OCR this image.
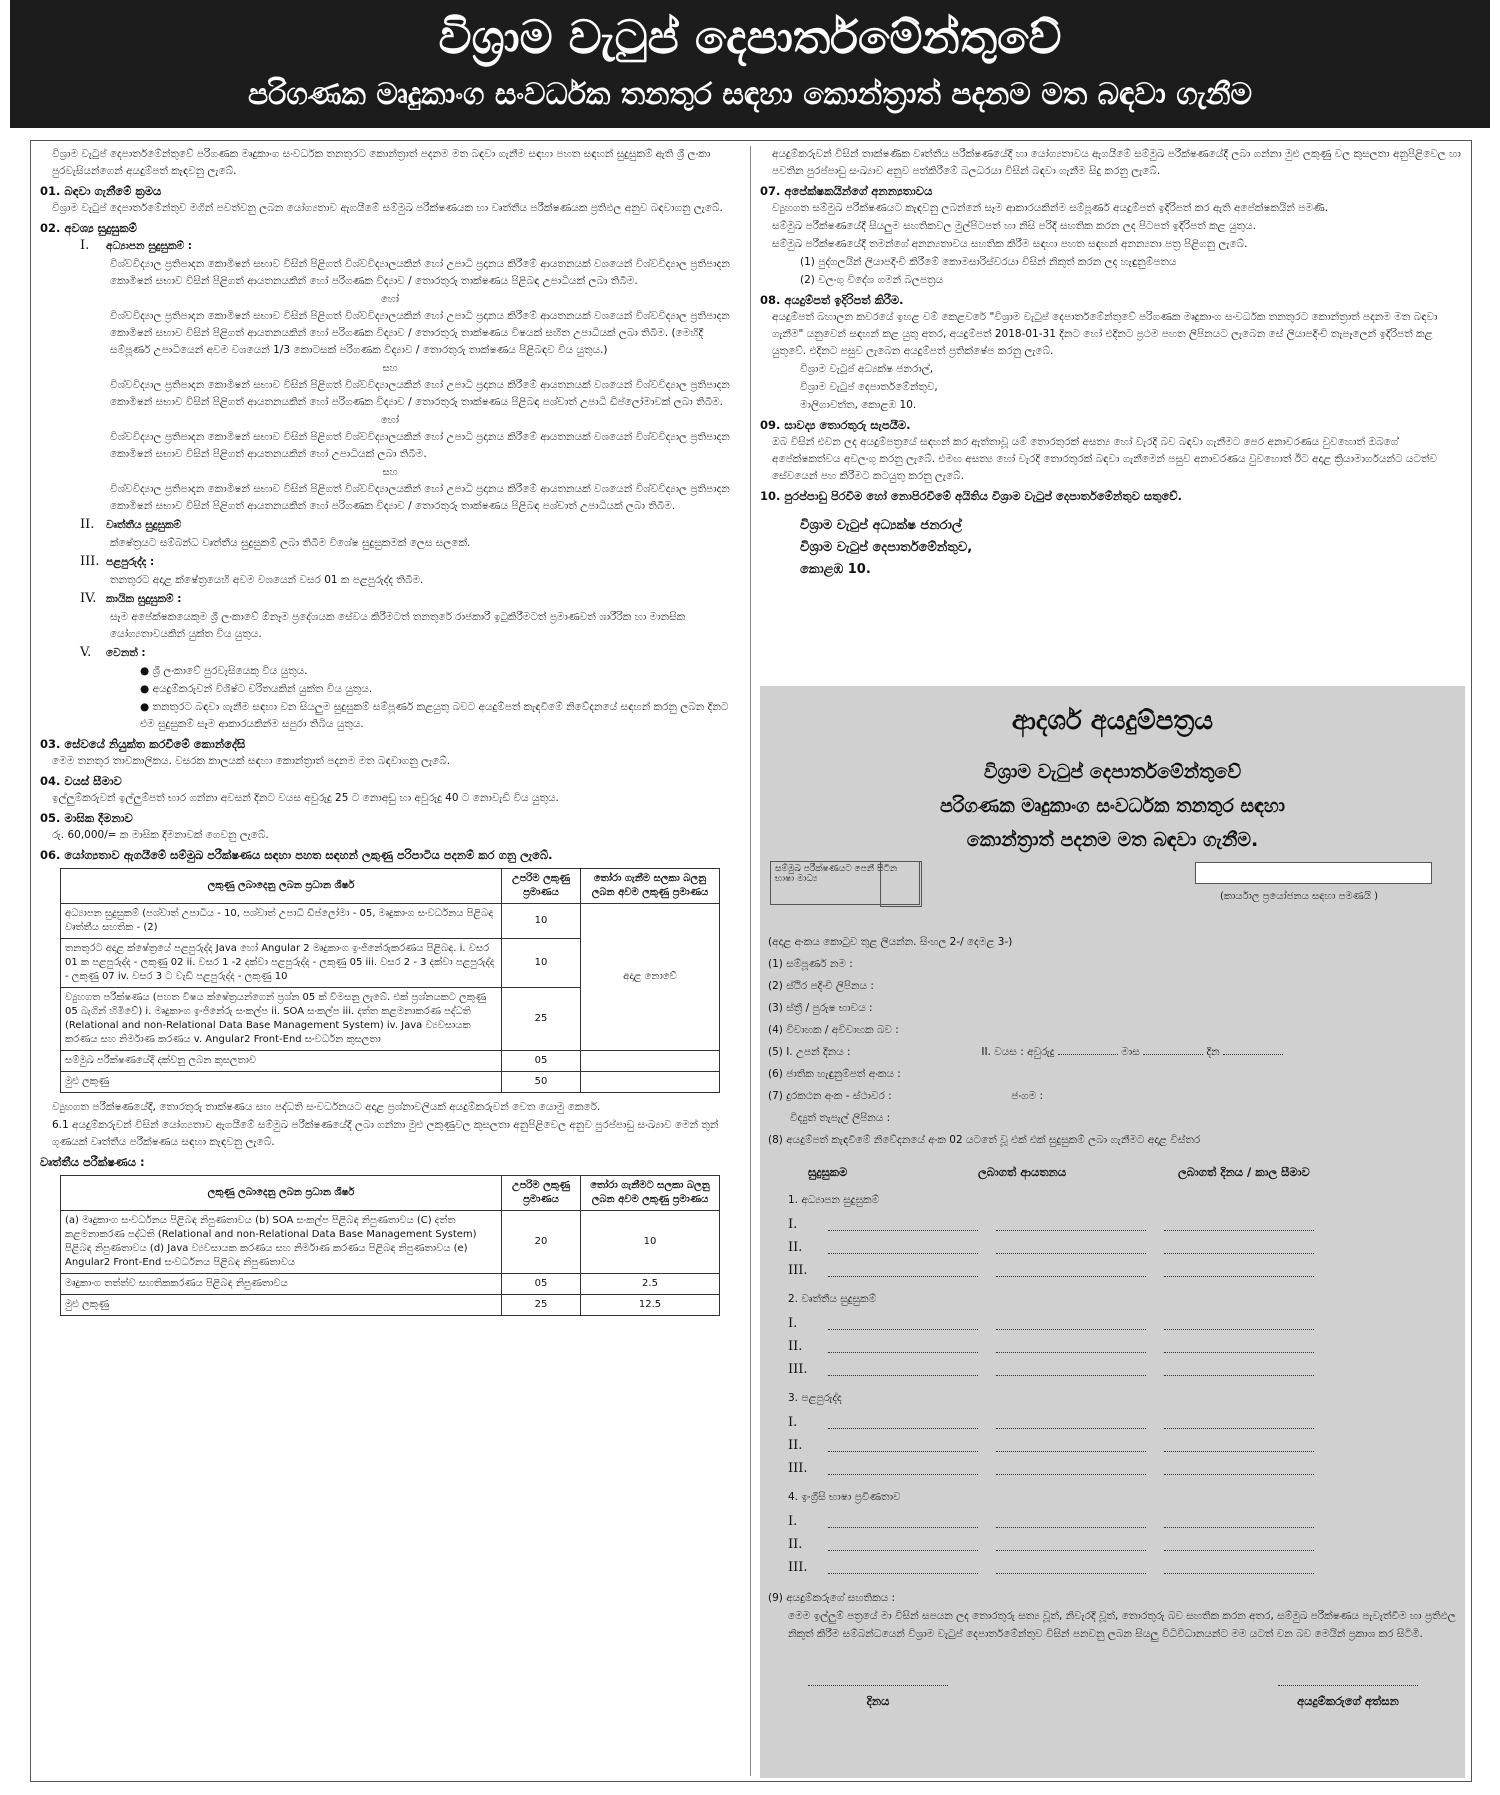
විශ්‍රාම වැටුප් දෙපාර්තමේන්තුවේ
පරිගණක මෘදුකාංග සංවර්ධක තනතුර සඳහා කොන්ත්‍රාත් පදනම මත බඳවා ගැනීම
විශ්‍රාම වැටුප් දෙපාර්තමේන්තුවේ පරිගණක මෘදුකාංග සංවර්ධක තනතුරට කොන්ත්‍රාත් පදනම මත බඳවා ගැනීම සඳහා පහත සඳහන් සුදුසුකම් ඇති ශ්‍රී ලංකා පුරවැසියන්ගෙන් අයදුම්පත් කැඳවනු ලැබේ.
01. බඳවා ගැනීමේ ක්‍රමය
විශ්‍රාම වැටුප් දෙපාර්තමේන්තුව මගින් පවත්වනු ලබන යෝග්‍යතාව ඇගයීමේ සම්මුඛ පරීක්ෂණයක හා වෘත්තීය පරීක්ෂණයක ප්‍රතිඵල අනුව බඳවාගනු ලැබේ.
02. අවශ්‍ය සුදුසුකම්
I. අධ්‍යාපන සුදුසුකම් :
විශ්වවිද්‍යාල ප්‍රතිපාදන කොමිෂන් සභාව විසින් පිළිගත් විශ්වවිද්‍යාලයකින් හෝ උපාධි ප්‍රදානය කිරීමේ ආයතනයක් වශයෙන් විශ්වවිද්‍යාල ප්‍රතිපාදන කොමිෂන් සභාව විසින් පිළිගත් ආයතනයකින් හෝ පරිගණක විද්‍යාව / තොරතුරු තාක්ෂණය පිළිබඳ උපාධියක් ලබා තිබීම.
හෝ
විශ්වවිද්‍යාල ප්‍රතිපාදන කොමිෂන් සභාව විසින් පිළිගත් විශ්වවිද්‍යාලයකින් හෝ උපාධි ප්‍රදානය කිරීමේ ආයතනයක් වශයෙන් විශ්වවිද්‍යාල ප්‍රතිපාදන කොමිෂන් සභාව විසින් පිළිගත් ආයතනයකින් හෝ පරිගණක විද්‍යාව / තොරතුරු තාක්ෂණය විෂයක් සහිත උපාධියක් ලබා තිබීම. (මෙහිදී සම්පූර්ණ උපාධියෙන් අවම වශයෙන් 1/3 කොටසක් පරිගණක විද්‍යාව / තොරතුරු තාක්ෂණය පිළිබඳව විය යුතුය.)
සහ
විශ්වවිද්‍යාල ප්‍රතිපාදන කොමිෂන් සභාව විසින් පිළිගත් විශ්වවිද්‍යාලයකින් හෝ උපාධි ප්‍රදානය කිරීමේ ආයතනයක් වශයෙන් විශ්වවිද්‍යාල ප්‍රතිපාදන කොමිෂන් සභාව විසින් පිළිගත් ආයතනයකින් හෝ පරිගණක විද්‍යාව / තොරතුරු තාක්ෂණය පිළිබඳ පශ්චාත් උපාධි ඩිප්ලෝමාවක් ලබා තිබීම.
හෝ
විශ්වවිද්‍යාල ප්‍රතිපාදන කොමිෂන් සභාව විසින් පිළිගත් විශ්වවිද්‍යාලයකින් හෝ උපාධි ප්‍රදානය කිරීමේ ආයතනයක් වශයෙන් විශ්වවිද්‍යාල ප්‍රතිපාදන කොමිෂන් සභාව විසින් පිළිගත් ආයතනයකින් හෝ උපාධියක් ලබා තිබීම.
සහ
විශ්වවිද්‍යාල ප්‍රතිපාදන කොමිෂන් සභාව විසින් පිළිගත් විශ්වවිද්‍යාලයකින් හෝ උපාධි ප්‍රදානය කිරීමේ ආයතනයක් වශයෙන් විශ්වවිද්‍යාල ප්‍රතිපාදන කොමිෂන් සභාව විසින් පිළිගත් ආයතනයකින් හෝ පරිගණක විද්‍යාව / තොරතුරු තාක්ෂණය පිළිබඳ පශ්චාත් උපාධියක් ලබා තිබීම.
II. වෘත්තීය සුදුසුකම්
ක්ෂේත්‍රයට සම්බන්ධ වෘත්තීය සුදුසුකම් ලබා තිබීම විශේෂ සුදුසුකමක් ලෙස සලකේ.
III. පළපුරුද්ද :
තනතුරට අදාළ ක්ෂේත්‍රයෙහි අවම වශයෙන් වසර 01 ක පළපුරුද්ද තිබීම.
IV. කායික සුදුසුකම් :
සෑම අපේක්ෂකයෙකුම ශ්‍රී ලංකාවේ ඕනෑම ප්‍රදේශයක සේවය කිරීමටත් තනතුරේ රාජකාරී ඉටුකිරීමටත් ප්‍රමාණවත් ශාරීරික හා මානසික යෝග්‍යතාවයකින් යුක්ත විය යුතුය.
V. වෙනත් :
● ශ්‍රී ලංකාවේ පුරවැසියෙකු විය යුතුය.
● අයදුම්කරුවන් විශිෂ්ට චරිතයකින් යුක්ත විය යුතුය.
● තනතුරට බඳවා ගැනීම සඳහා වන සියලුම සුදුසුකම් සම්පූර්ණ කළයුතු බවට අයදුම්පත් කැඳවීමේ නිවේදනයේ සඳහන් කරනු ලබන දිනට එම සුදුසුකම් සෑම ආකාරයකින්ම සපුරා තිබිය යුතුය.
03. සේවයේ නියුක්ත කරවීමේ කොන්දේසි
මෙම තනතුර තාවකාලිකය. වසරක කාලයක් සඳහා කොන්ත්‍රාත් පදනම මත බඳවාගනු ලැබේ.
04. වයස් සීමාව
ඉල්ලුම්කරුවන් ඉල්ලුම්පත් භාර ගන්නා අවසන් දිනට වයස අවුරුදු 25 ට නොඅඩු හා අවුරුදු 40 ට නොවැඩි විය යුතුය.
05. මාසික දීමනාව
රු. 60,000/= ක මාසික දීමනාවක් ගෙවනු ලැබේ.
06. යෝග්‍යතාව ඇගයීමේ සම්මුඛ පරීක්ෂණය සඳහා පහත සඳහන් ලකුණු පරිපාටිය පදනම් කර ගනු ලැබේ.
ලකුණු ලබාදෙනු ලබන ප්‍රධාන ශීර්ෂ	උපරිම ලකුණු ප්‍රමාණය	තෝරා ගැනීම සලකා බලනු ලබන අවම ලකුණු ප්‍රමාණය
අධ්‍යාපන සුදුසුකම් (පශ්චාත් උපාධිය - 10, පශ්චාත් උපාධි ඩිප්ලෝමා - 05, මෘදුකාංග සංවර්ධනය පිළිබඳ වෘත්තීය සහතික - (2)	10	අදාළ නොවේ
තනතුරට අදාළ ක්ෂේත්‍රයේ පළපුරුද්ද Java හෝ Angular 2 මෘදුකාංග ඉංජිනේරුකරණය පිළිබඳ. i. වසර 01 ක පළපුරුද්ද - ලකුණු 02 ii. වසර 1 -2 දක්වා පළපුරුද්ද - ලකුණු 05 iii. වසර 2 - 3 දක්වා පළපුරුද්ද - ලකුණු 07 iv. වසර 3 ට වැඩි පළපුරුද්ද - ලකුණු 10	10	
ව්‍යුහගත පරීක්ෂණය (පහත විෂය ක්ෂේත්‍රයන්ගෙන් ප්‍රශ්න 05 ක් විමසනු ලැබේ. එක් ප්‍රශ්නයකට ලකුණු 05 බැගින් හිමිවේ) i. මෘදුකාංග ඉංජිනේරු සංකල්ප ii. SOA සංකල්ප iii. දත්ත කළමනාකරණ පද්ධති (Relational and non-Relational Data Base Management System) iv. Java ව්‍යවසායක කරණය සහ නිර්මාණ කරණය v. Angular2 Front-End සංවර්ධන කුසලතා	25	
සම්මුඛ පරීක්ෂණයේදී දක්වනු ලබන කුසලතාව	05	
මුළු ලකුණු	50	
ව්‍යුහගත පරීක්ෂණයේදී, තොරතුරු තාක්ෂණය සහ පද්ධති සංවර්ධනයට අදාළ ප්‍රශ්නාවලියක් අයදුම්කරුවන් වෙත යොමු කෙරේ.
6.1 අයදුම්කරුවන් විසින් යෝග්‍යතාව ඇගයීමේ සම්මුඛ පරීක්ෂණයේදී ලබා ගන්නා මුළු ලකුණුවල කුසලතා අනුපිළිවෙල අනුව පුරප්පාඩු සංඛ්‍යාව මෙන් තුන් ගුණයක් වෘත්තීය පරීක්ෂණය සඳහා කැඳවනු ලැබේ.
වෘත්තීය පරීක්ෂණය :
ලකුණු ලබාදෙනු ලබන ප්‍රධාන ශීර්ෂ	උපරිම ලකුණු ප්‍රමාණය	තෝරා ගැනීමට සලකා බලනු ලබන අවම ලකුණු ප්‍රමාණය
(a) මෘදුකාංග සංවර්ධනය පිළිබඳ නිපුණතාවය (b) SOA සංකල්ප පිළිබඳ නිපුණතාවය (C) දත්ත කළමනාකරණ පද්ධති (Relational and non-Relational Data Base Management System) පිළිබඳ නිපුණතාවය (d) Java ව්‍යවසායක කරණය සහ නිර්මාණ කරණය පිළිබඳ නිපුණතාවය (e) Angular2 Front-End සංවර්ධනය පිළිබඳ නිපුණතාවය	20	10
මෘදුකාංග තත්ත්ව සහතිකකරණය පිළිබඳ නිපුණතාවය	05	2.5
මුළු ලකුණු	25	12.5
අයදුම්කරුවන් විසින් තාක්ෂණික වෘත්තීය පරීක්ෂණයේදී හා යෝග්‍යතාවය ඇගයීමේ සම්මුඛ පරීක්ෂණයේදී ලබා ගන්නා මුළු ලකුණු වල කුසලතා අනුපිළිවෙල හා පවතින පුරප්පාඩු සංඛ්‍යාව අනුව පත්කිරීමේ බලධරයා විසින් බඳවා ගැනීම සිදු කරනු ලැබේ.
07. අපේක්ෂකයින්ගේ අනන්‍යතාවය
ව්‍යුහගත සම්මුඛ පරීක්ෂණයට කැඳවනු ලබන්නේ සෑම ආකාරයකින්ම සම්පූර්ණ අයදුම්පත් ඉදිරිපත් කර ඇති අපේක්ෂකයින් පමණි.
සම්මුඛ පරීක්ෂණයේදී සියලුම සහතිකවල මුල්පිටපත් හා නිසි පරිදි සහතික කරන ලද පිටපත් ඉදිරිපත් කළ යුතුය.
සම්මුඛ පරීක්ෂණයේදී තමන්ගේ අනන්‍යතාවය සහතික කිරීම සඳහා පහත සඳහන් අනන්‍යතා පත්‍ර පිළිගනු ලැබේ.
(1) පුද්ගලයින් ලියාපදිංචි කිරීමේ කොමසාරිස්වරයා විසින් නිකුත් කරන ලද හැඳුනුම්පතය
(2) වලංගු විදේශ ගමන් බලපත්‍රය
08. අයදුම්පත් ඉදිරිපත් කිරීම.
අයදුම්පත් බහාලන කවරයේ ඉහළ වම් කෙළවරේ "විශ්‍රාම වැටුප් දෙපාර්තමේන්තුවේ පරිගණක මෘදුකාංග සංවර්ධක තනතුරට කොන්ත්‍රාත් පදනම මත බඳවා ගැනීම" යනුවෙන් සඳහන් කළ යුතු අතර, අයදුම්පත් 2018-01-31 දිනට හෝ එදිනට ප්‍රථම පහත ලිපිනයට ලැබෙන සේ ලියාපදිංචි තැපෑලෙන් ඉදිරිපත් කළ යුතුවේ. එදිනට පසුව ලැබෙන අයදුම්පත් ප්‍රතික්ෂේප කරනු ලැබේ.
විශ්‍රාම වැටුප් අධ්‍යක්ෂ ජනරාල්,
විශ්‍රාම වැටුප් දෙපාර්තමේන්තුව,
මාලිගාවත්ත, කොළඹ 10.
09. සාවද්‍ය තොරතුරු සැපයීම.
ඔබ විසින් එවන ලද අයදුම්පත්‍රයේ සඳහන් කර ඇත්තාවූ යම් තොරතුරක් අසත්‍ය හෝ වැරදි බව බඳවා ගැනීමට පෙර අනාවරණය වුවහොත් ඔබගේ අපේක්ෂකත්වය අවලංගු කරනු ලැබේ. එමඟ අසත්‍ය හෝ වැරදි තොරතුරක් බඳවා ගැනීමෙන් පසුව අනාවරණය වුවහොත් ඊට අදාළ ක්‍රියාමාර්ගයන්ට යටත්ව සේවයෙන් පහ කිරීමට කටයුතු කරනු ලැබේ.
10. පුරප්පාඩු පිරවීම හෝ නොපිරවීමේ අයිතිය විශ්‍රාම වැටුප් දෙපාර්තමේන්තුව සතුවේ.
විශ්‍රාම වැටුප් අධ්‍යක්ෂ ජනරාල්
විශ්‍රාම වැටුප් දෙපාර්තමේන්තුව,
කොළඹ 10.
ආදර්ශ අයදුම්පත්‍රය
විශ්‍රාම වැටුප් දෙපාර්තමේන්තුවේ
පරිගණක මෘදුකාංග සංවර්ධක තනතුර සඳහා
කොන්ත්‍රාත් පදනම මත බඳවා ගැනීම.
සම්මුඛ පරීක්ෂණයට පෙනී සිටින භාෂා මාධ්‍ය
(කාර්යාල ප්‍රයෝජනය සඳහා පමණයි )
(අදාළ අංකය කොටුව තුළ ලියන්න. සිංහල 2-/ දෙමළ 3-)
(1) සම්පූර්ණ නම :
(2) ස්ථිර පදිංචි ලිපිනය :
(3) ස්ත්‍රී / පුරුෂ භාවය :
(4) විවාහක / අවිවාහක බව :
(5) I. උපන් දිනය :	II. වයස : අවුරුදු	මාස	දින
(6) ජාතික හැඳුනුම්පත් අංකය :
(7) දුරකථන අංක - ස්ථාවර :	ජංගම :
විද්‍යුත් තැපැල් ලිපිනය :
(8) අයදුම්පත් කැඳවීමේ නිවේදනයේ අංක 02 යටතේ වූ එක් එක් සුදුසුකම් ලබා ගැනීමට අදාළ විස්තර
සුදුසුකම	ලබාගත් ආයතනය	ලබාගත් දිනය / කාල සීමාව
1. අධ්‍යාපන සුදුසුකම්
I.
II.
III.
2. වෘත්තීය සුදුසුකම්
I.
II.
III.
3. පළපුරුද්ද
I.
II.
III.
4. ඉංග්‍රීසි භාෂා ප්‍රවීණතාව
I.
II.
III.
(9) අයදුම්කරුගේ සහතිකය :
මෙම ඉල්ලුම් පත්‍රයේ මා විසින් සපයන ලද තොරතුරු සත්‍ය වූත්, නිවැරදි වූත්, තොරතුරු බව සහතික කරන අතර, සම්මුඛ පරීක්ෂණය පැවැත්වීම හා ප්‍රතිඵල නිකුත් කිරීම සම්බන්ධයෙන් විශ්‍රාම වැටුප් දෙපාර්තමේන්තුව විසින් පනවනු ලබන සියලු විධිවිධානයන්ට මම යටත් වන බව මෙයින් ප්‍රකාශ කර සිටිමි.
දිනය	අයදුම්කරුගේ අත්සන
